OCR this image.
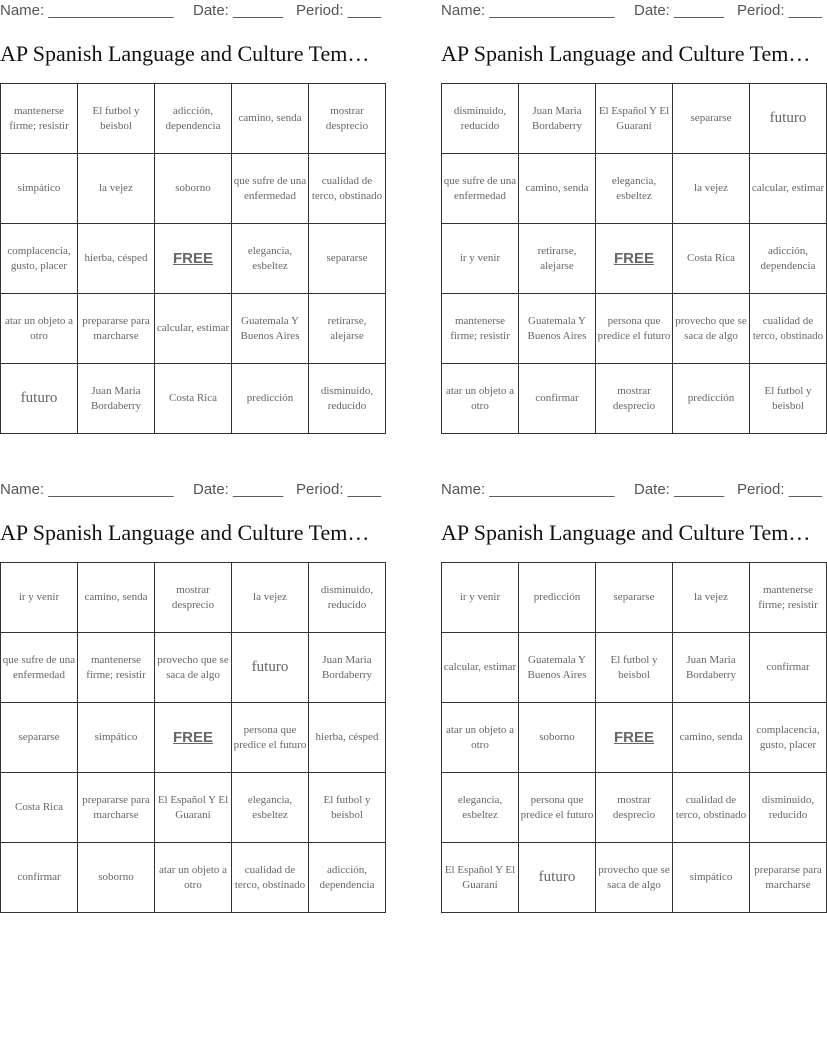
Name: _______________ Date: ______ Period: ____
AP Spanish Language and Culture Tem…
mantenerse firme; resistir	El futbol y beisbol	adicción, dependencia	camino, senda	mostrar desprecio
simpático	la vejez	soborno	que sufre de una enfermedad	cualidad de terco, obstinado
complacencia, gusto, placer	hierba, césped	FREE	elegancia, esbeltez	separarse
atar un objeto a otro	prepararse para marcharse	calcular, estimar	Guatemala Y Buenos Aires	retirarse, alejarse
futuro	Juan Maria Bordaberry	Costa Rica	predicción	disminuido, reducido
Name: _______________ Date: ______ Period: ____
AP Spanish Language and Culture Tem…
disminuido, reducido	Juan Maria Bordaberry	El Español Y El Guaraní	separarse	futuro
que sufre de una enfermedad	camino, senda	elegancia, esbeltez	la vejez	calcular, estimar
ir y venir	retirarse, alejarse	FREE	Costa Rica	adicción, dependencia
mantenerse firme; resistir	Guatemala Y Buenos Aires	persona que predice el futuro	provecho que se saca de algo	cualidad de terco, obstinado
atar un objeto a otro	confirmar	mostrar desprecio	predicción	El futbol y beisbol
Name: _______________ Date: ______ Period: ____
AP Spanish Language and Culture Tem…
ir y venir	camino, senda	mostrar desprecio	la vejez	disminuido, reducido
que sufre de una enfermedad	mantenerse firme; resistir	provecho que se saca de algo	futuro	Juan Maria Bordaberry
separarse	simpático	FREE	persona que predice el futuro	hierba, césped
Costa Rica	prepararse para marcharse	El Español Y El Guaraní	elegancia, esbeltez	El futbol y beisbol
confirmar	soborno	atar un objeto a otro	cualidad de terco, obstinado	adicción, dependencia
Name: _______________ Date: ______ Period: ____
AP Spanish Language and Culture Tem…
ir y venir	predicción	separarse	la vejez	mantenerse firme; resistir
calcular, estimar	Guatemala Y Buenos Aires	El futbol y beisbol	Juan Maria Bordaberry	confirmar
atar un objeto a otro	soborno	FREE	camino, senda	complacencia, gusto, placer
elegancia, esbeltez	persona que predice el futuro	mostrar desprecio	cualidad de terco, obstinado	disminuido, reducido
El Español Y El Guaraní	futuro	provecho que se saca de algo	simpático	prepararse para marcharse
